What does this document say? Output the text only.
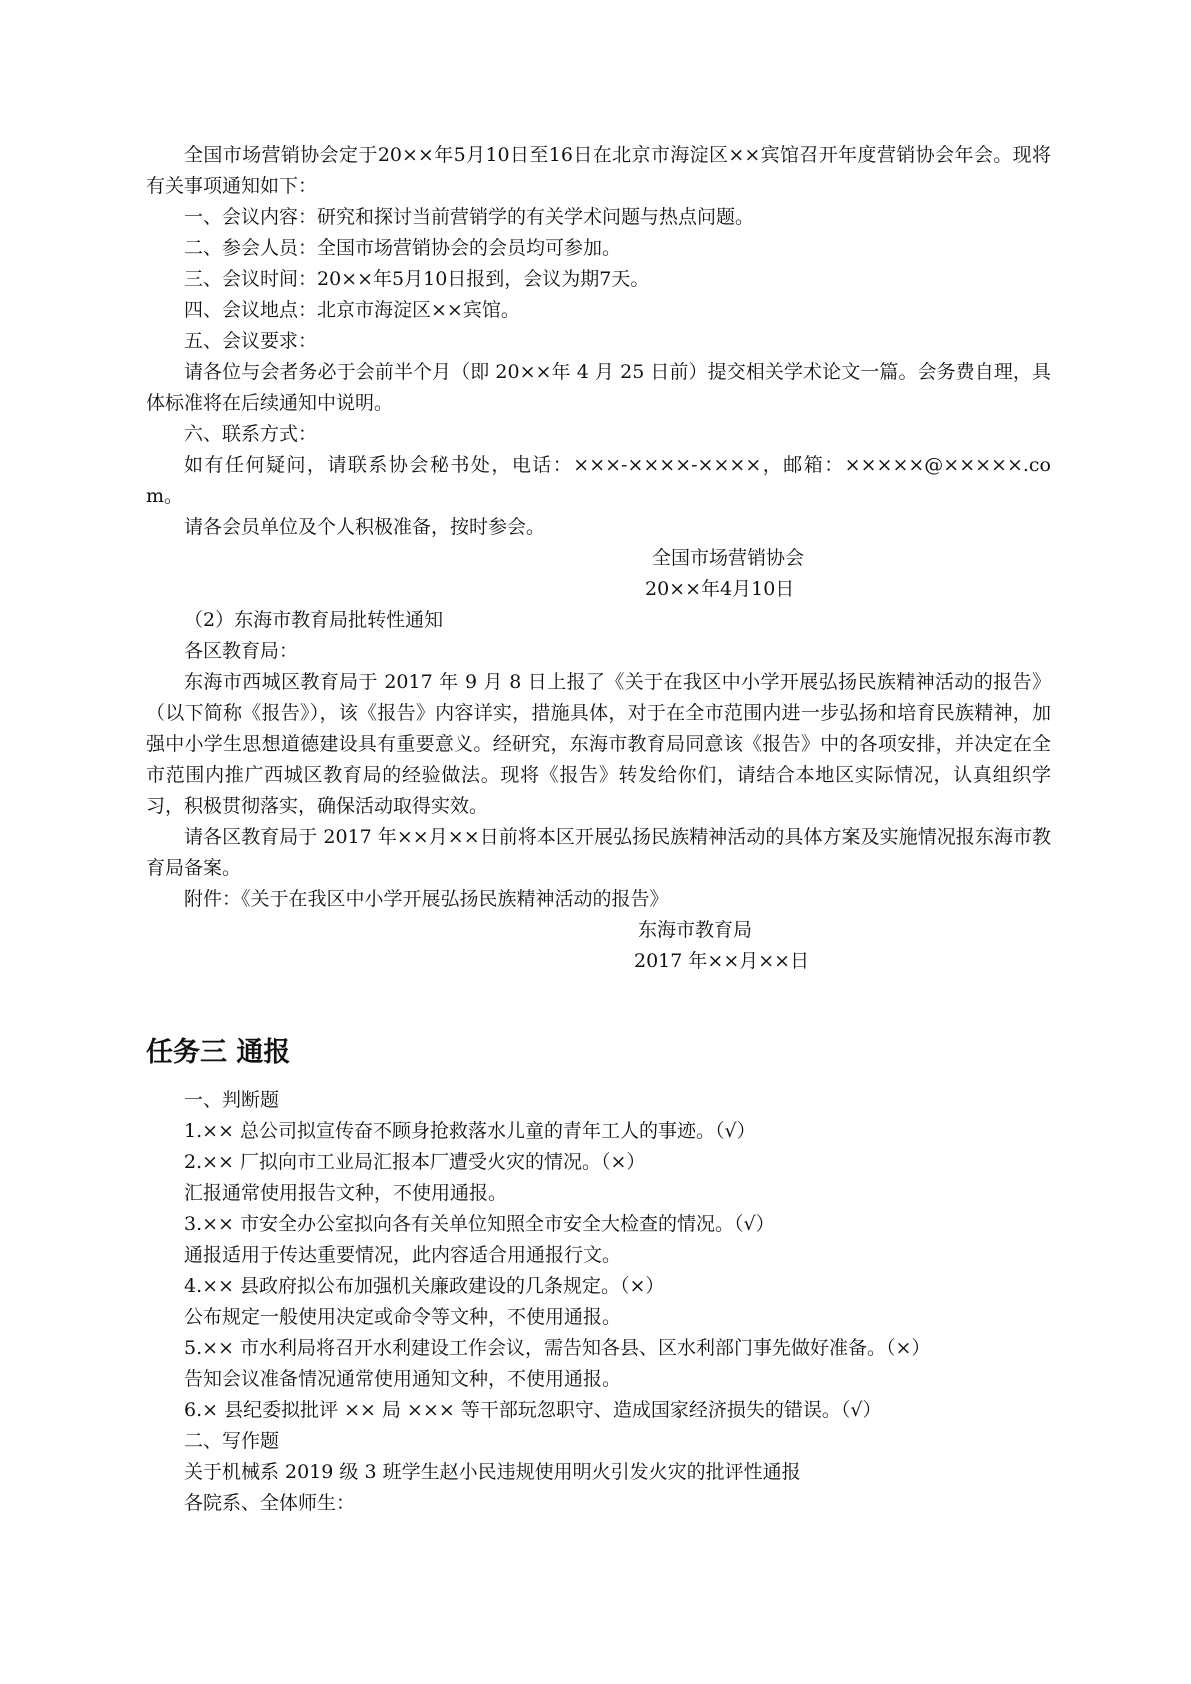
全国市场营销协会定于20××年5月10日至16日在北京市海淀区××宾馆召开年度营销协会年会。现将有关事项通知如下：

一、会议内容：研究和探讨当前营销学的有关学术问题与热点问题。

二、参会人员：全国市场营销协会的会员均可参加。

三、会议时间：20××年5月10日报到，会议为期7天。

四、会议地点：北京市海淀区××宾馆。

五、会议要求：

请各位与会者务必于会前半个月（即 20××年 4 月 25 日前）提交相关学术论文一篇。会务费自理，具体标准将在后续通知中说明。

六、联系方式：

如有任何疑问，请联系协会秘书处，电话：×××-××××-××××，邮箱：×××××@×××××.com。

请各会员单位及个人积极准备，按时参会。

全国市场营销协会

20××年4月10日

（2）东海市教育局批转性通知

各区教育局：

东海市西城区教育局于 2017 年 9 月 8 日上报了《关于在我区中小学开展弘扬民族精神活动的报告》（以下简称《报告》），该《报告》内容详实，措施具体，对于在全市范围内进一步弘扬和培育民族精神，加强中小学生思想道德建设具有重要意义。经研究，东海市教育局同意该《报告》中的各项安排，并决定在全市范围内推广西城区教育局的经验做法。现将《报告》转发给你们，请结合本地区实际情况，认真组织学习，积极贯彻落实，确保活动取得实效。

请各区教育局于 2017 年××月××日前将本区开展弘扬民族精神活动的具体方案及实施情况报东海市教育局备案。

附件：《关于在我区中小学开展弘扬民族精神活动的报告》

东海市教育局

2017 年××月××日

任务三 通报

一、判断题

1.×× 总公司拟宣传奋不顾身抢救落水儿童的青年工人的事迹。（√）

2.×× 厂拟向市工业局汇报本厂遭受火灾的情况。（×）

汇报通常使用报告文种，不使用通报。

3.×× 市安全办公室拟向各有关单位知照全市安全大检查的情况。（√）

通报适用于传达重要情况，此内容适合用通报行文。

4.×× 县政府拟公布加强机关廉政建设的几条规定。（×）

公布规定一般使用决定或命令等文种，不使用通报。

5.×× 市水利局将召开水利建设工作会议，需告知各县、区水利部门事先做好准备。（×）

告知会议准备情况通常使用通知文种，不使用通报。

6.× 县纪委拟批评 ×× 局 ××× 等干部玩忽职守、造成国家经济损失的错误。（√）

二、写作题

关于机械系 2019 级 3 班学生赵小民违规使用明火引发火灾的批评性通报

各院系、全体师生：
